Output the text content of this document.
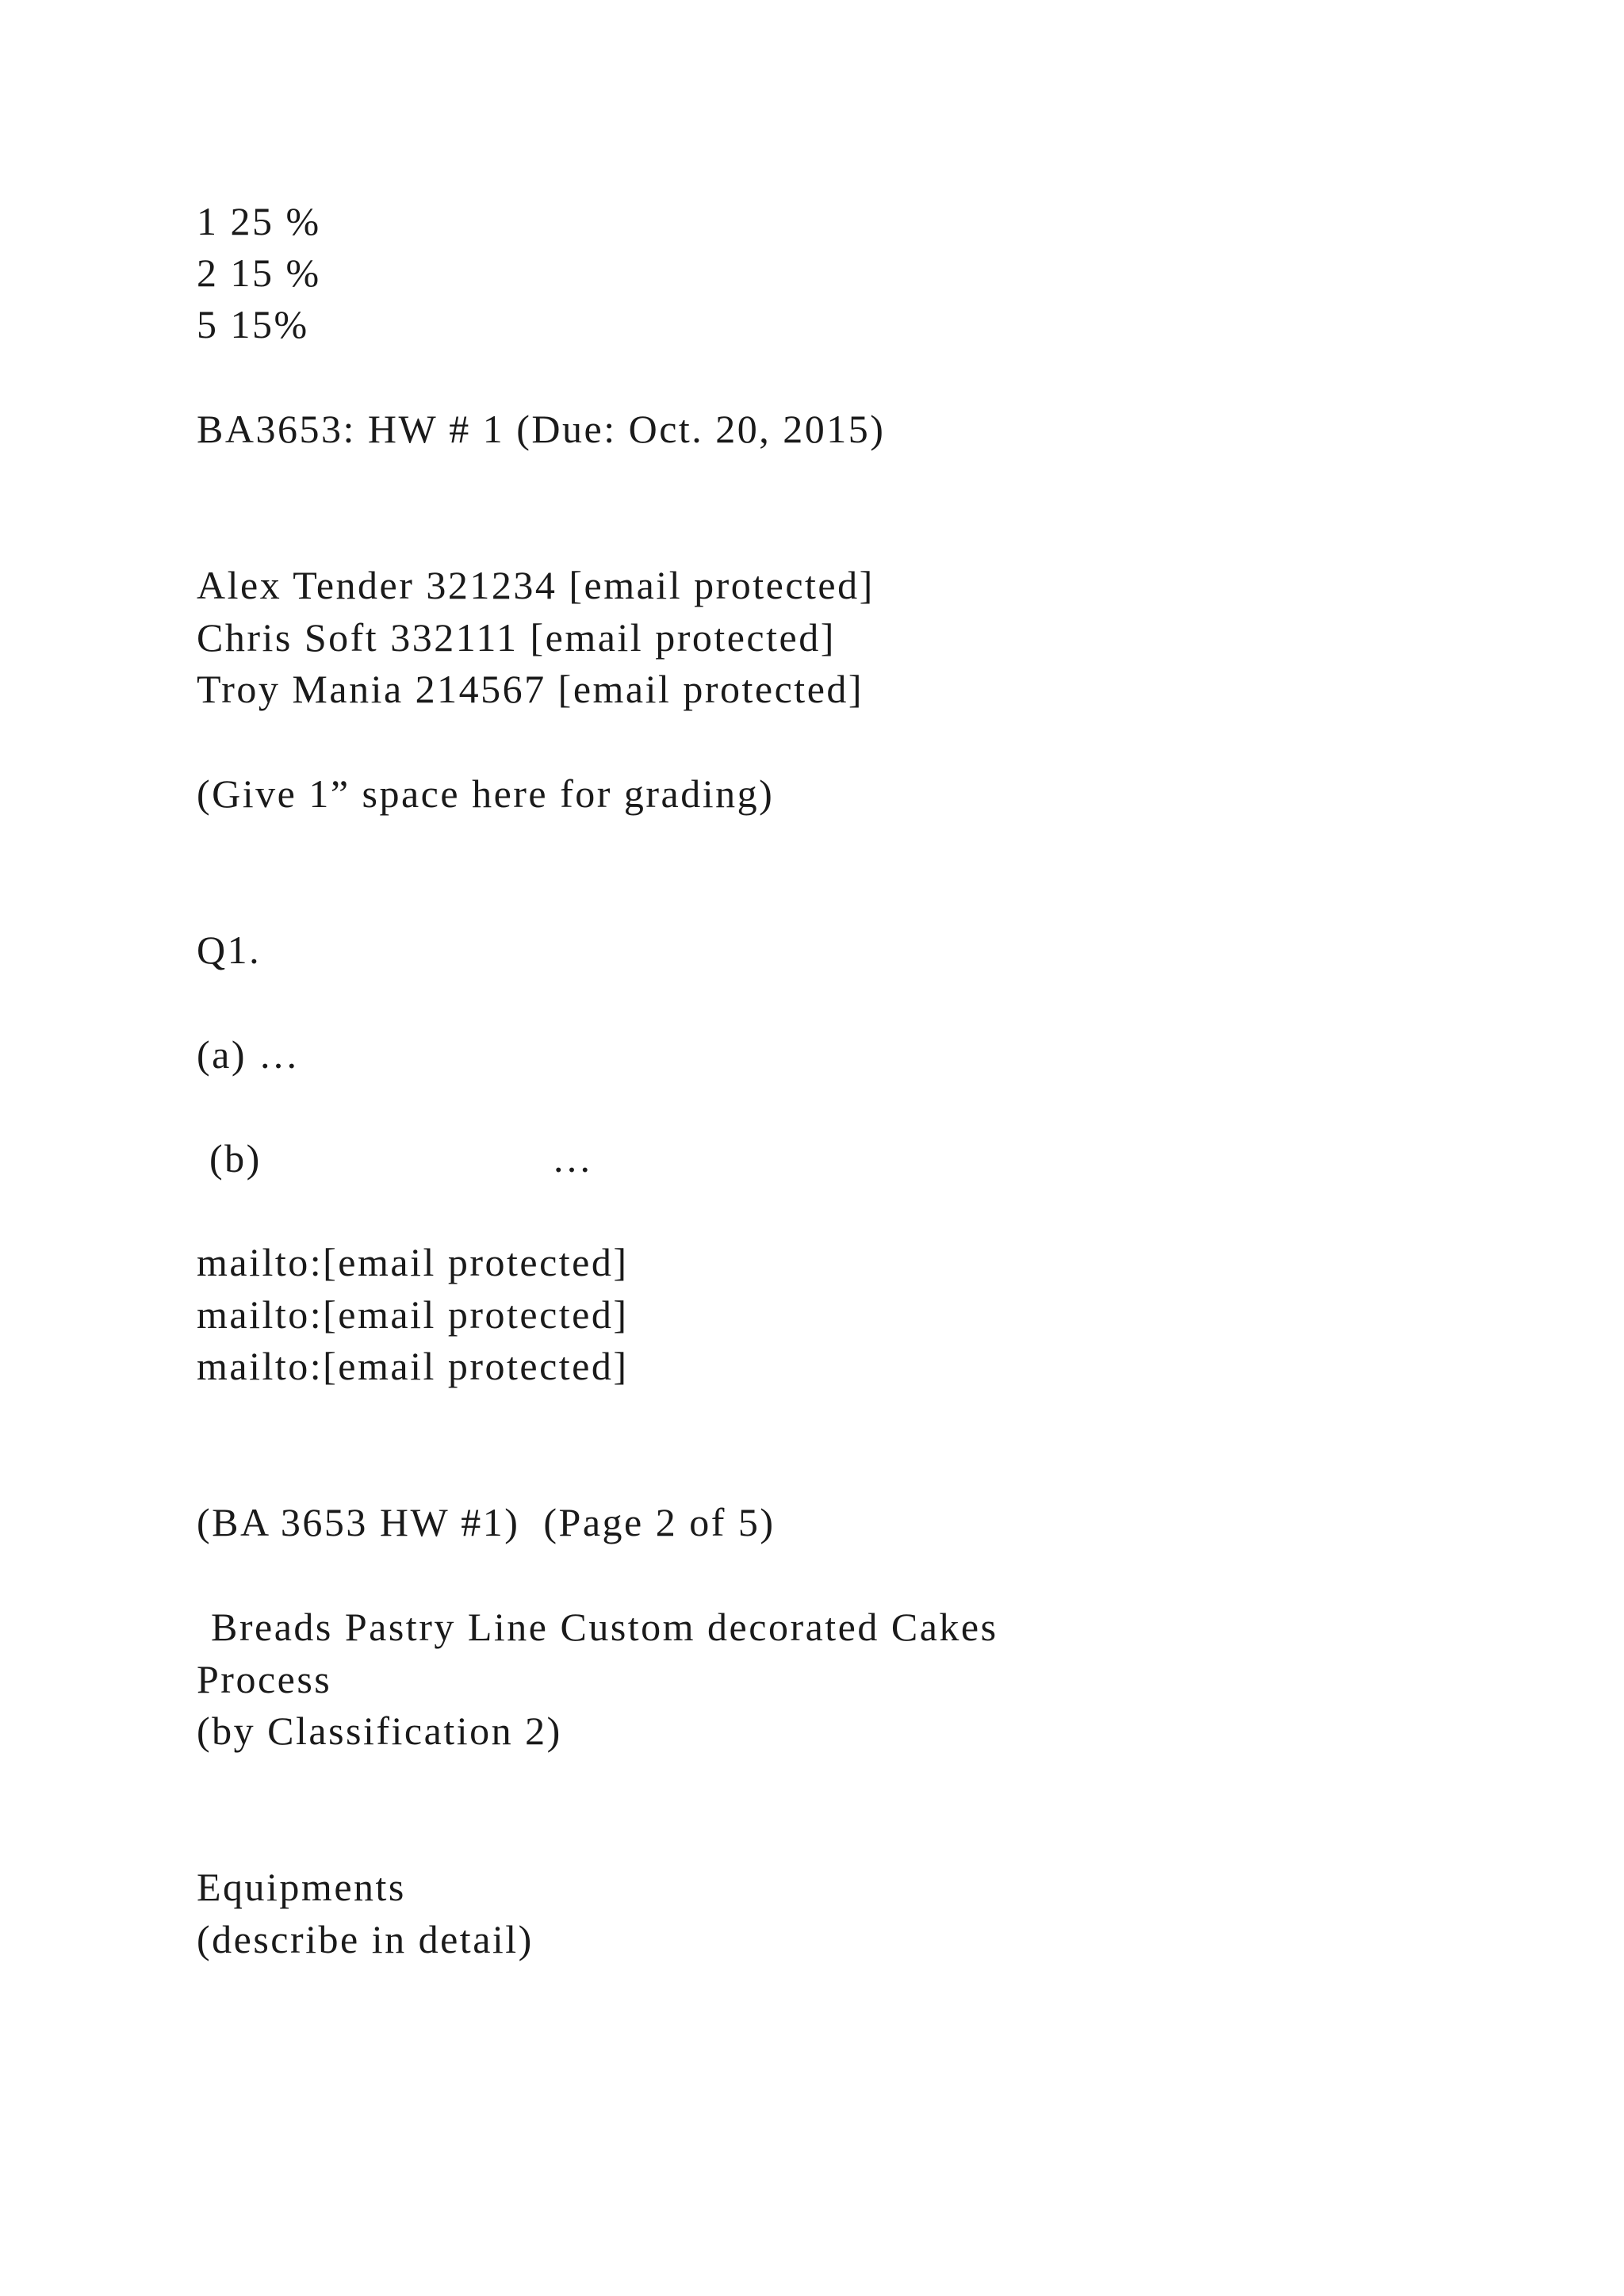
1 25 %

2 15 %

5 15%

BA3653: HW # 1 (Due: Oct. 20, 2015)

Alex Tender 321234 [email protected]

Chris Soft 332111 [email protected]

Troy Mania 214567 [email protected]

(Give 1” space here for grading)

Q1.

(a) …

(b)	…

mailto:[email protected]

mailto:[email protected]

mailto:[email protected]

(BA 3653 HW #1)  (Page 2 of 5)

Breads Pastry Line Custom decorated Cakes

Process

(by Classification 2)

Equipments

(describe in detail)
